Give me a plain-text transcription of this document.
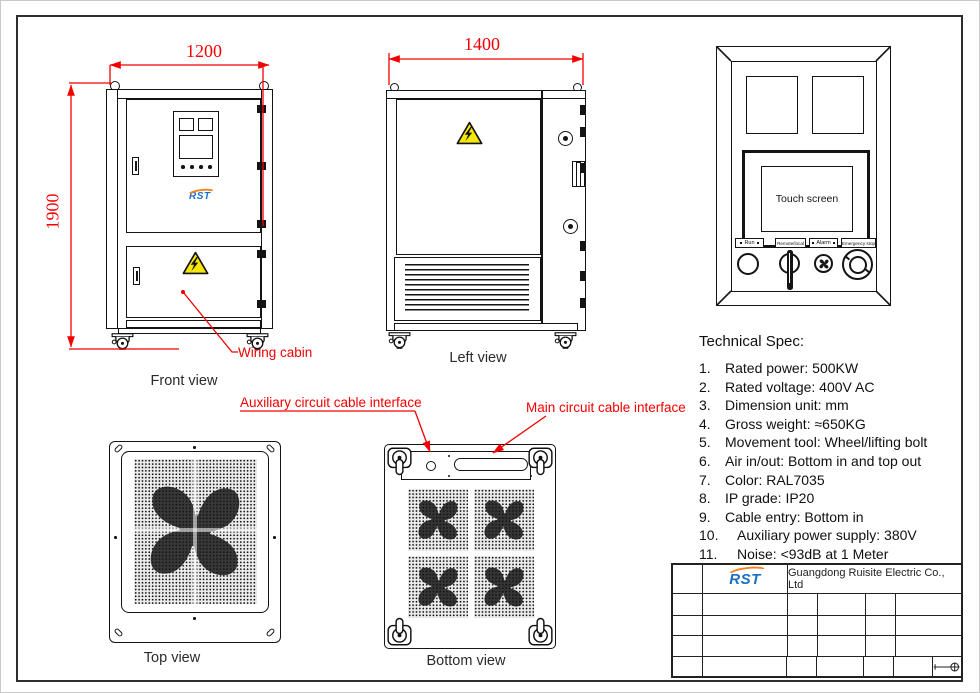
RST	Touch screen
Run	Remote/local Alarm Emergency stop
Technical Spec:
1.	Rated power: 500KW
2.	Rated voltage: 400V AC
3.	Dimension unit: mm
4.	Gross weight: ≈650KG
5.	Movement tool: Wheel/lifting bolt
6.	Air in/out: Bottom in and top out
7.	Color: RAL7035
8.	IP grade: IP20
9.	Cable entry: Bottom in
10.	Auxiliary power supply: 380V
11.	Noise: <93dB at 1 Meter
1200
1900
1400
Wiring cabin
Auxiliary circuit cable interface	Main circuit cable interface
Front view
Left view
Top view	Bottom view
RST Guangdong Ruisite Electric Co., Ltd
